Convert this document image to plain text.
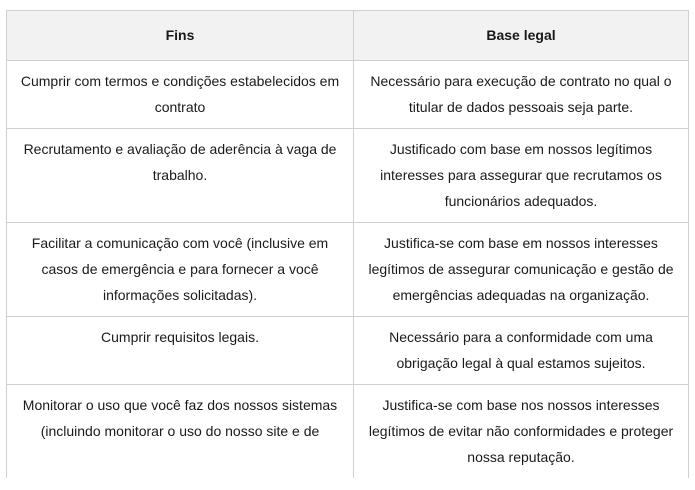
Fins	Base legal
Cumprir com termos e condições estabelecidos em contrato	Necessário para execução de contrato no qual o titular de dados pessoais seja parte.
Recrutamento e avaliação de aderência à vaga de trabalho.	Justificado com base em nossos legítimos interesses para assegurar que recrutamos os funcionários adequados.
Facilitar a comunicação com você (inclusive em casos de emergência e para fornecer a você informações solicitadas).	Justifica-se com base em nossos interesses legítimos de assegurar comunicação e gestão de emergências adequadas na organização.
Cumprir requisitos legais.	Necessário para a conformidade com uma obrigação legal à qual estamos sujeitos.
Monitorar o uso que você faz dos nossos sistemas (incluindo monitorar o uso do nosso site e de	Justifica-se com base nos nossos interesses legítimos de evitar não conformidades e proteger nossa reputação.
